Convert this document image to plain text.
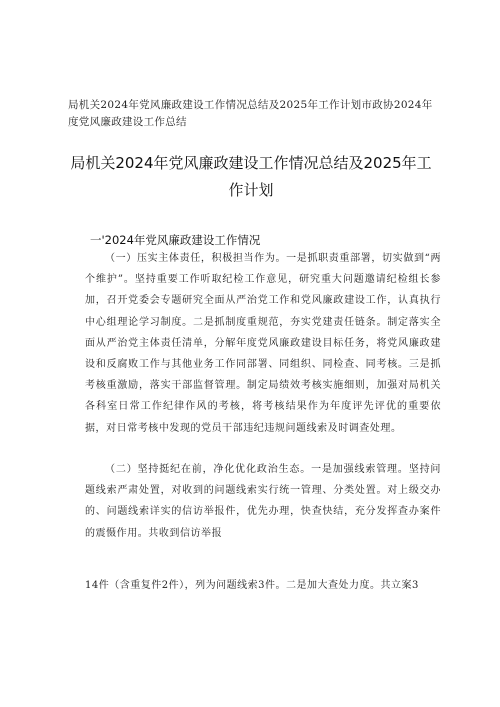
局机关2024年党风廉政建设工作情况总结及2025年工作计划市政协2024年度党风廉政建设工作总结
局机关2024年党风廉政建设工作情况总结及2025年工作计划
一'2024年党风廉政建设工作情况

（一）压实主体责任，积极担当作为。一是抓职责重部署，切实做到“两个维护”。坚持重要工作听取纪检工作意见，研究重大问题邀请纪检组长参加，召开党委会专题研究全面从严治党工作和党风廉政建设工作，认真执行中心组理论学习制度。二是抓制度重规范，夯实党建责任链条。制定落实全面从严治党主体责任清单，分解年度党风廉政建设目标任务，将党风廉政建设和反腐败工作与其他业务工作同部署、同组织、同检查、同考核。三是抓考核重激励，落实干部监督管理。制定局绩效考核实施细则，加强对局机关各科室日常工作纪律作风的考核，将考核结果作为年度评先评优的重要依据，对日常考核中发现的党员干部违纪违规问题线索及时调查处理。

（二）坚持挺纪在前，净化优化政治生态。一是加强线索管理。坚持问题线索严肃处置，对收到的问题线索实行统一管理、分类处置。对上级交办的、问题线索详实的信访举报件，优先办理，快查快结，充分发挥查办案件的震慑作用。共收到信访举报

14件（含重复件2件），列为问题线索3件。二是加大查处力度。共立案3
